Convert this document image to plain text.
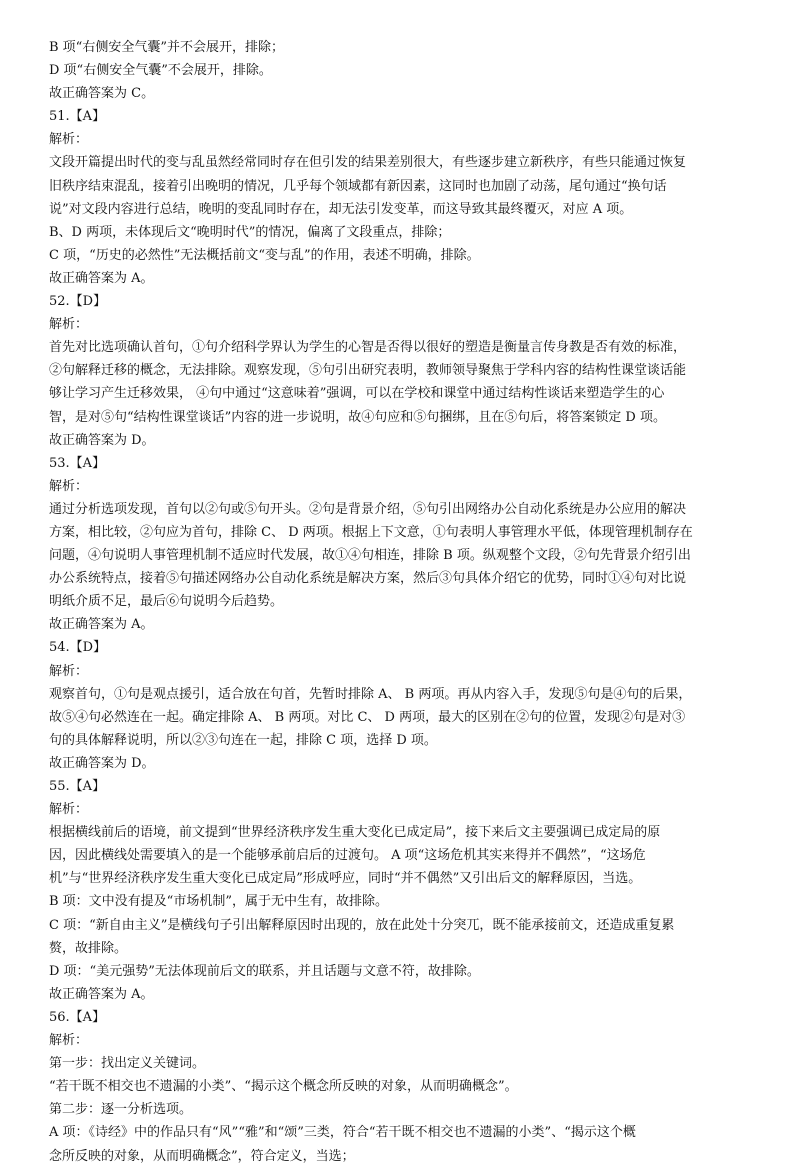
B 项“右侧安全气囊”并不会展开，排除；
D 项“右侧安全气囊”不会展开，排除。
故正确答案为 C。
51.【A】
解析：
文段开篇提出时代的变与乱虽然经常同时存在但引发的结果差别很大，有些逐步建立新秩序，有些只能通过恢复
旧秩序结束混乱，接着引出晚明的情况，几乎每个领域都有新因素，这同时也加剧了动荡，尾句通过“换句话
说”对文段内容进行总结，晚明的变乱同时存在，却无法引发变革，而这导致其最终覆灭，对应 A 项。
B、D 两项，未体现后文“晚明时代”的情况，偏离了文段重点，排除；
C 项，“历史的必然性”无法概括前文“变与乱”的作用，表述不明确，排除。
故正确答案为 A。
52.【D】
解析：
首先对比选项确认首句，①句介绍科学界认为学生的心智是否得以很好的塑造是衡量言传身教是否有效的标准，
②句解释迁移的概念，无法排除。观察发现，⑤句引出研究表明，教师领导聚焦于学科内容的结构性课堂谈话能
够让学习产生迁移效果， ④句中通过“这意味着”强调，可以在学校和课堂中通过结构性谈话来塑造学生的心
智，是对⑤句“结构性课堂谈话”内容的进一步说明，故④句应和⑤句捆绑，且在⑤句后，将答案锁定 D 项。
故正确答案为 D。
53.【A】
解析：
通过分析选项发现，首句以②句或⑤句开头。②句是背景介绍，⑤句引出网络办公自动化系统是办公应用的解决
方案，相比较，②句应为首句，排除 C、 D 两项。根据上下文意，①句表明人事管理水平低，体现管理机制存在
问题，④句说明人事管理机制不适应时代发展，故①④句相连，排除 B 项。纵观整个文段，②句先背景介绍引出
办公系统特点，接着⑤句描述网络办公自动化系统是解决方案，然后③句具体介绍它的优势，同时①④句对比说
明纸介质不足，最后⑥句说明今后趋势。
故正确答案为 A。
54.【D】
解析：
观察首句，①句是观点援引，适合放在句首，先暂时排除 A、 B 两项。再从内容入手，发现⑤句是④句的后果，
故⑤④句必然连在一起。确定排除 A、 B 两项。对比 C、 D 两项，最大的区别在②句的位置，发现②句是对③
句的具体解释说明，所以②③句连在一起，排除 C 项，选择 D 项。
故正确答案为 D。
55.【A】
解析：
根据横线前后的语境，前文提到“世界经济秩序发生重大变化已成定局”，接下来后文主要强调已成定局的原
因，因此横线处需要填入的是一个能够承前启后的过渡句。 A 项“这场危机其实来得并不偶然”，“这场危
机”与“世界经济秩序发生重大变化已成定局”形成呼应，同时“并不偶然”又引出后文的解释原因，当选。
B 项：文中没有提及“市场机制”，属于无中生有，故排除。
C 项：“新自由主义”是横线句子引出解释原因时出现的，放在此处十分突兀，既不能承接前文，还造成重复累
赘，故排除。
D 项：“美元强势”无法体现前后文的联系，并且话题与文意不符，故排除。
故正确答案为 A。
56.【A】
解析：
第一步：找出定义关键词。
“若干既不相交也不遗漏的小类”、“揭示这个概念所反映的对象，从而明确概念”。
第二步：逐一分析选项。
A 项：《诗经》中的作品只有“风”“雅”和“颂”三类，符合“若干既不相交也不遗漏的小类”、“揭示这个概
念所反映的对象，从而明确概念”，符合定义，当选；
